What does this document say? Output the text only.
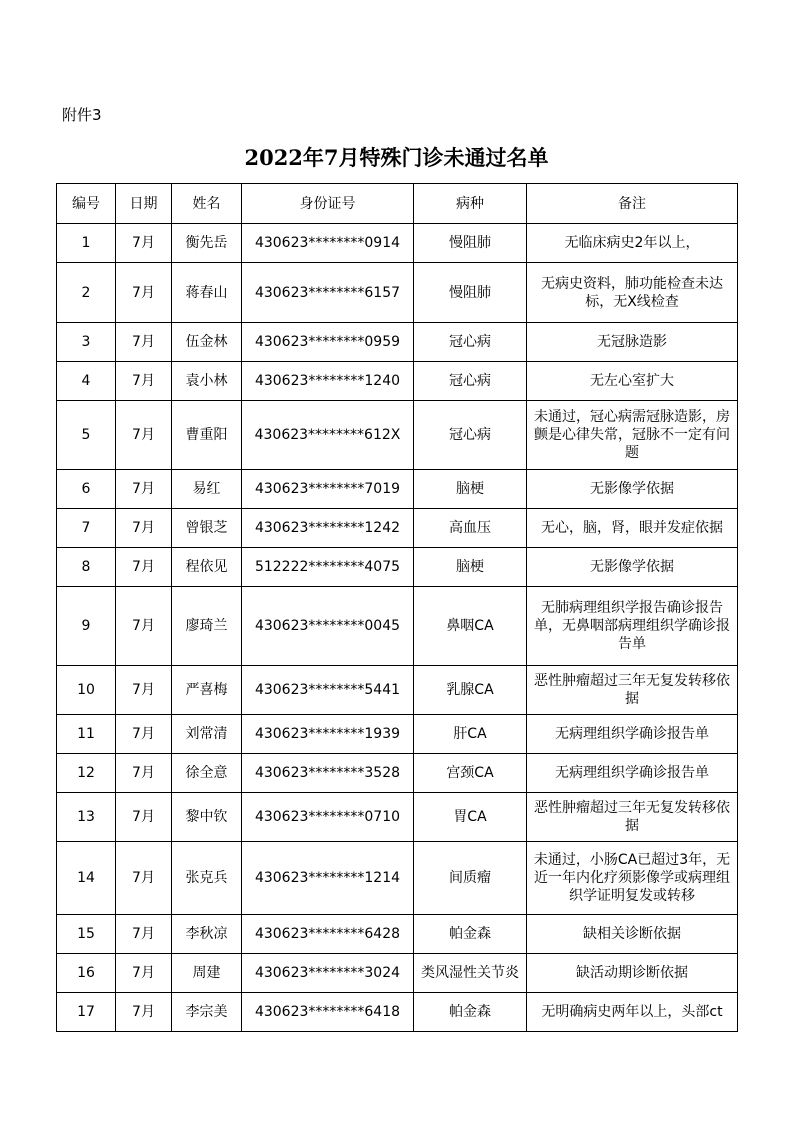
附件3
2022年7月特殊门诊未通过名单
编号	日期	姓名	身份证号	病种	备注
1	7月	衡先岳	430623********0914	慢阻肺	无临床病史2年以上，
2	7月	蒋春山	430623********6157	慢阻肺	无病史资料，肺功能检查未达标，无X线检查
3	7月	伍金林	430623********0959	冠心病	无冠脉造影
4	7月	袁小林	430623********1240	冠心病	无左心室扩大
5	7月	曹重阳	430623********612X	冠心病	未通过，冠心病需冠脉造影，房颤是心律失常，冠脉不一定有问题
6	7月	易红	430623********7019	脑梗	无影像学依据
7	7月	曾银芝	430623********1242	高血压	无心，脑，肾，眼并发症依据
8	7月	程依见	512222********4075	脑梗	无影像学依据
9	7月	廖琦兰	430623********0045	鼻咽CA	无肺病理组织学报告确诊报告单，无鼻咽部病理组织学确诊报告单
10	7月	严喜梅	430623********5441	乳腺CA	恶性肿瘤超过三年无复发转移依据
11	7月	刘常清	430623********1939	肝CA	无病理组织学确诊报告单
12	7月	徐全意	430623********3528	宫颈CA	无病理组织学确诊报告单
13	7月	黎中钦	430623********0710	胃CA	恶性肿瘤超过三年无复发转移依据
14	7月	张克兵	430623********1214	间质瘤	未通过，小肠CA已超过3年，无近一年内化疗须影像学或病理组织学证明复发或转移
15	7月	李秋凉	430623********6428	帕金森	缺相关诊断依据
16	7月	周建	430623********3024	类风湿性关节炎	缺活动期诊断依据
17	7月	李宗美	430623********6418	帕金森	无明确病史两年以上，头部ct
